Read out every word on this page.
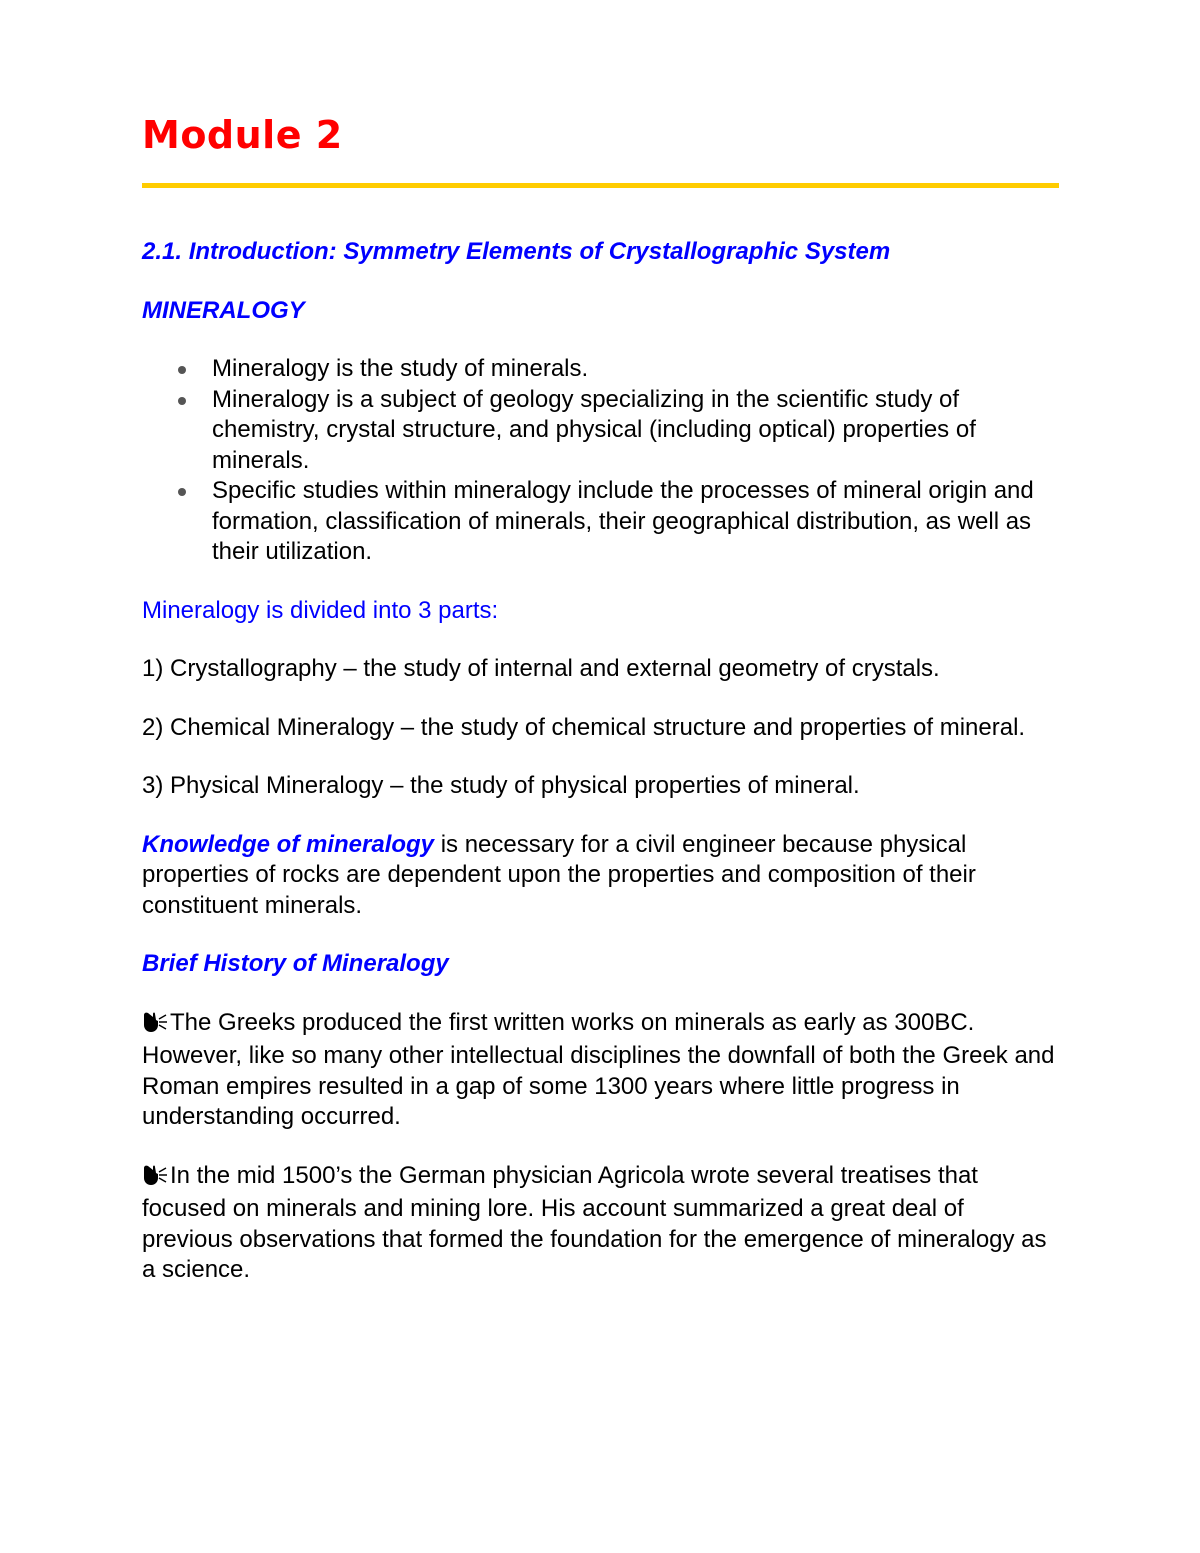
Module 2

2.1. Introduction: Symmetry Elements of Crystallographic System

MINERALOGY

Mineralogy is the study of minerals.
Mineralogy is a subject of geology specializing in the scientific study of chemistry, crystal structure, and physical (including optical) properties of minerals.
Specific studies within mineralogy include the processes of mineral origin and formation, classification of minerals, their geographical distribution, as well as their utilization.

Mineralogy is divided into 3 parts:

1) Crystallography – the study of internal and external geometry of crystals.

2) Chemical Mineralogy – the study of chemical structure and properties of mineral.

3) Physical Mineralogy – the study of physical properties of mineral.

Knowledge of mineralogy is necessary for a civil engineer because physical properties of rocks are dependent upon the properties and composition of their constituent minerals.

Brief History of Mineralogy

The Greeks produced the first written works on minerals as early as 300BC. However, like so many other intellectual disciplines the downfall of both the Greek and Roman empires resulted in a gap of some 1300 years where little progress in understanding occurred.

In the mid 1500’s the German physician Agricola wrote several treatises that focused on minerals and mining lore. His account summarized a great deal of previous observations that formed the foundation for the emergence of mineralogy as a science.
